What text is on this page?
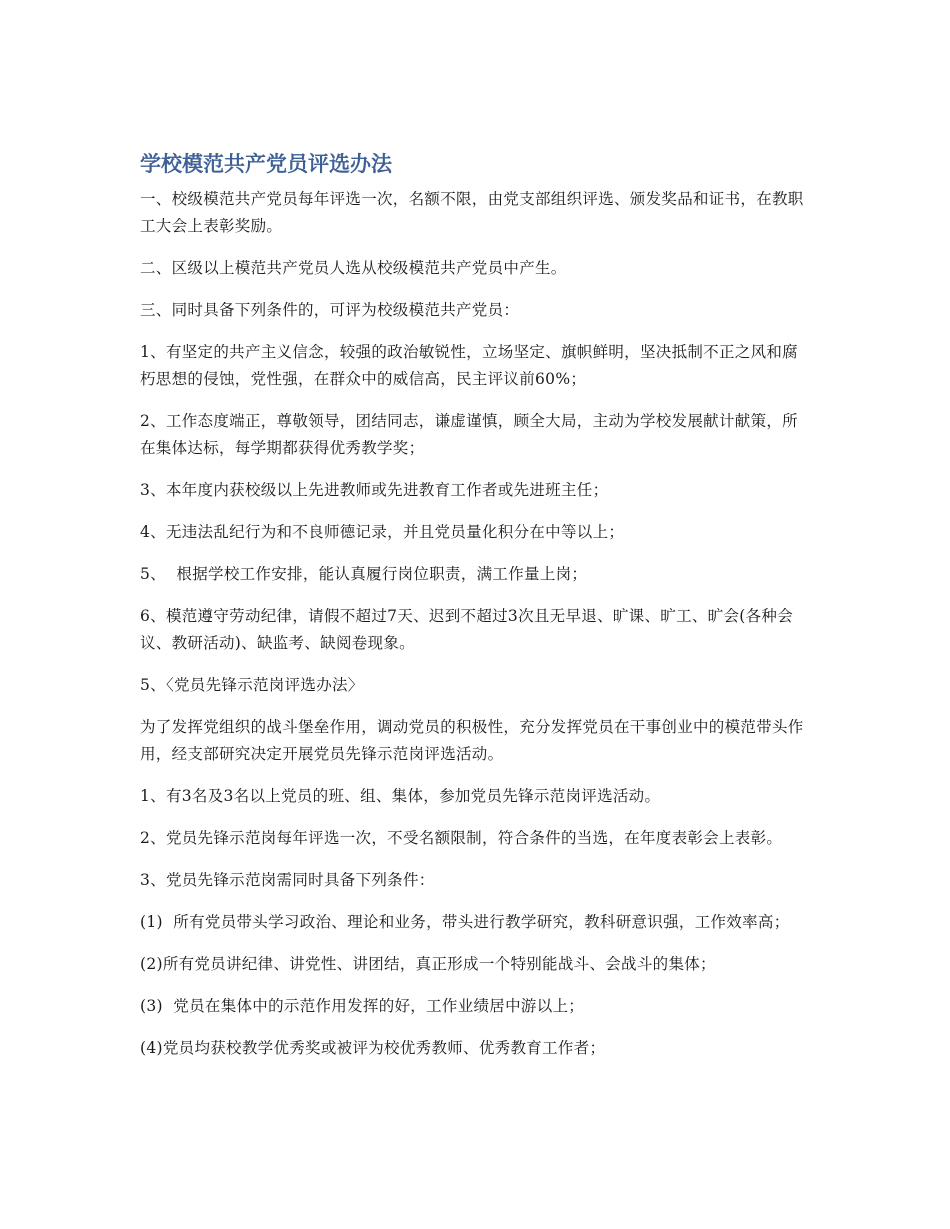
学校模范共产党员评选办法

一、校级模范共产党员每年评选一次，名额不限，由党支部组织评选、颁发奖品和证书，在教职工大会上表彰奖励。

二、区级以上模范共产党员人选从校级模范共产党员中产生。

三、同时具备下列条件的，可评为校级模范共产党员：

1、有坚定的共产主义信念，较强的政治敏锐性，立场坚定、旗帜鲜明，坚决抵制不正之风和腐朽思想的侵蚀，党性强，在群众中的威信高，民主评议前60%；

2、工作态度端正，尊敬领导，团结同志，谦虚谨慎，顾全大局，主动为学校发展献计献策，所在集体达标，每学期都获得优秀教学奖；

3、本年度内获校级以上先进教师或先进教育工作者或先进班主任；

4、无违法乱纪行为和不良师德记录，并且党员量化积分在中等以上；

5、  根据学校工作安排，能认真履行岗位职责，满工作量上岗；

6、模范遵守劳动纪律，请假不超过7天、迟到不超过3次且无早退、旷课、旷工、旷会(各种会议、教研活动)、缺监考、缺阅卷现象。

5、〈党员先锋示范岗评选办法〉

为了发挥党组织的战斗堡垒作用，调动党员的积极性，充分发挥党员在干事创业中的模范带头作用，经支部研究决定开展党员先锋示范岗评选活动。

1、有3名及3名以上党员的班、组、集体，参加党员先锋示范岗评选活动。

2、党员先锋示范岗每年评选一次，不受名额限制，符合条件的当选，在年度表彰会上表彰。

3、党员先锋示范岗需同时具备下列条件：

(1)  所有党员带头学习政治、理论和业务，带头进行教学研究，教科研意识强，工作效率高；

(2)所有党员讲纪律、讲党性、讲团结，真正形成一个特别能战斗、会战斗的集体；

(3)  党员在集体中的示范作用发挥的好，工作业绩居中游以上；

(4)党员均获校教学优秀奖或被评为校优秀教师、优秀教育工作者；
